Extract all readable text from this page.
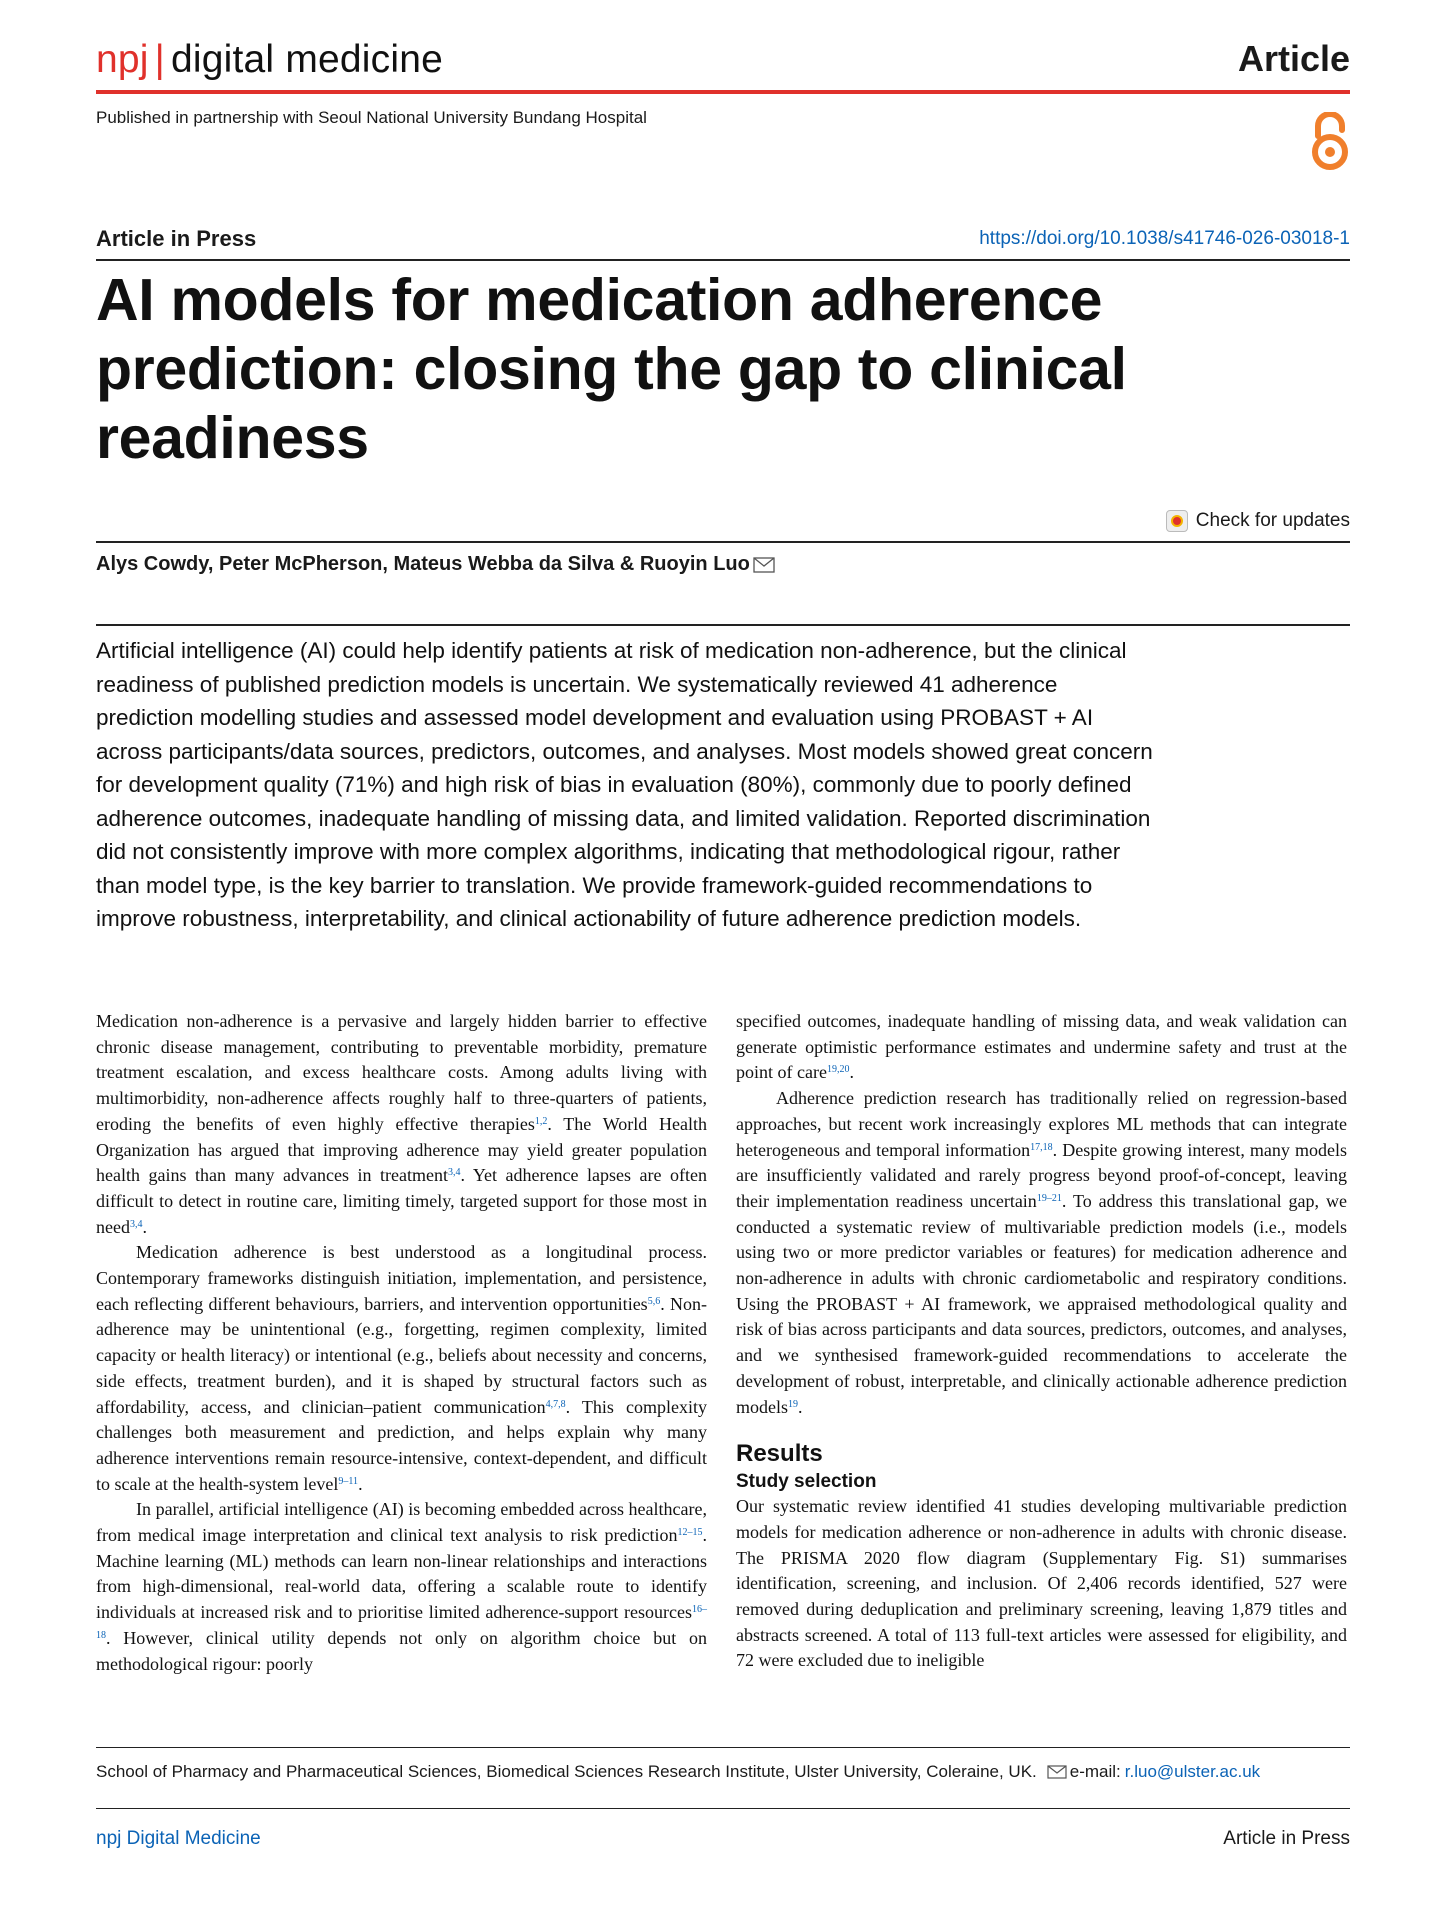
npj | digital medicine	Article
Published in partnership with Seoul National University Bundang Hospital
Article in Press	https://doi.org/10.1038/s41746-026-03018-1
AI models for medication adherence prediction: closing the gap to clinical readiness
Check for updates
Alys Cowdy, Peter McPherson, Mateus Webba da Silva & Ruoyin Luo

Artificial intelligence (AI) could help identify patients at risk of medication non-adherence, but the clinical readiness of published prediction models is uncertain. We systematically reviewed 41 adherence prediction modelling studies and assessed model development and evaluation using PROBAST + AI across participants/data sources, predictors, outcomes, and analyses. Most models showed great concern for development quality (71%) and high risk of bias in evaluation (80%), commonly due to poorly defined adherence outcomes, inadequate handling of missing data, and limited validation. Reported discrimination did not consistently improve with more complex algorithms, indicating that methodological rigour, rather than model type, is the key barrier to translation. We provide framework-guided recommendations to improve robustness, interpretability, and clinical actionability of future adherence prediction models.

Medication non-adherence is a pervasive and largely hidden barrier to effective chronic disease management, contributing to preventable morbidity, premature treatment escalation, and excess healthcare costs. Among adults living with multimorbidity, non-adherence affects roughly half to three-quarters of patients, eroding the benefits of even highly effective therapies$^{1,2}$. The World Health Organization has argued that improving adherence may yield greater population health gains than many advances in treatment$^{3,4}$. Yet adherence lapses are often difficult to detect in routine care, limiting timely, targeted support for those most in need$^{3,4}$.

Medication adherence is best understood as a longitudinal process. Contemporary frameworks distinguish initiation, implementation, and persistence, each reflecting different behaviours, barriers, and intervention opportunities$^{5,6}$. Non-adherence may be unintentional (e.g., forgetting, regimen complexity, limited capacity or health literacy) or intentional (e.g., beliefs about necessity and concerns, side effects, treatment burden), and it is shaped by structural factors such as affordability, access, and clinician–patient communication$^{4,7,8}$. This complexity challenges both measurement and prediction, and helps explain why many adherence interventions remain resource-intensive, context-dependent, and difficult to scale at the health-system level$^{9-11}$.

In parallel, artificial intelligence (AI) is becoming embedded across healthcare, from medical image interpretation and clinical text analysis to risk prediction$^{12-15}$. Machine learning (ML) methods can learn non-linear relationships and interactions from high-dimensional, real-world data, offering a scalable route to identify individuals at increased risk and to prioritise limited adherence-support resources$^{16-18}$. However, clinical utility depends not only on algorithm choice but on methodological rigour: poorly

specified outcomes, inadequate handling of missing data, and weak validation can generate optimistic performance estimates and undermine safety and trust at the point of care$^{19,20}$.

Adherence prediction research has traditionally relied on regression-based approaches, but recent work increasingly explores ML methods that can integrate heterogeneous and temporal information$^{17,18}$. Despite growing interest, many models are insufficiently validated and rarely progress beyond proof-of-concept, leaving their implementation readiness uncertain$^{19-21}$. To address this translational gap, we conducted a systematic review of multivariable prediction models (i.e., models using two or more predictor variables or features) for medication adherence and non-adherence in adults with chronic cardiometabolic and respiratory conditions. Using the PROBAST + AI framework, we appraised methodological quality and risk of bias across participants and data sources, predictors, outcomes, and analyses, and we synthesised framework-guided recommendations to accelerate the development of robust, interpretable, and clinically actionable adherence prediction models$^{19}$.

Results
Study selection

Our systematic review identified 41 studies developing multivariable prediction models for medication adherence or non-adherence in adults with chronic disease. The PRISMA 2020 flow diagram (Supplementary Fig. S1) summarises identification, screening, and inclusion. Of 2,406 records identified, 527 were removed during deduplication and preliminary screening, leaving 1,879 titles and abstracts screened. A total of 113 full-text articles were assessed for eligibility, and 72 were excluded due to ineligible

School of Pharmacy and Pharmaceutical Sciences, Biomedical Sciences Research Institute, Ulster University, Coleraine, UK. e-mail: r.luo@ulster.ac.uk
npj Digital Medicine	Article in Press
